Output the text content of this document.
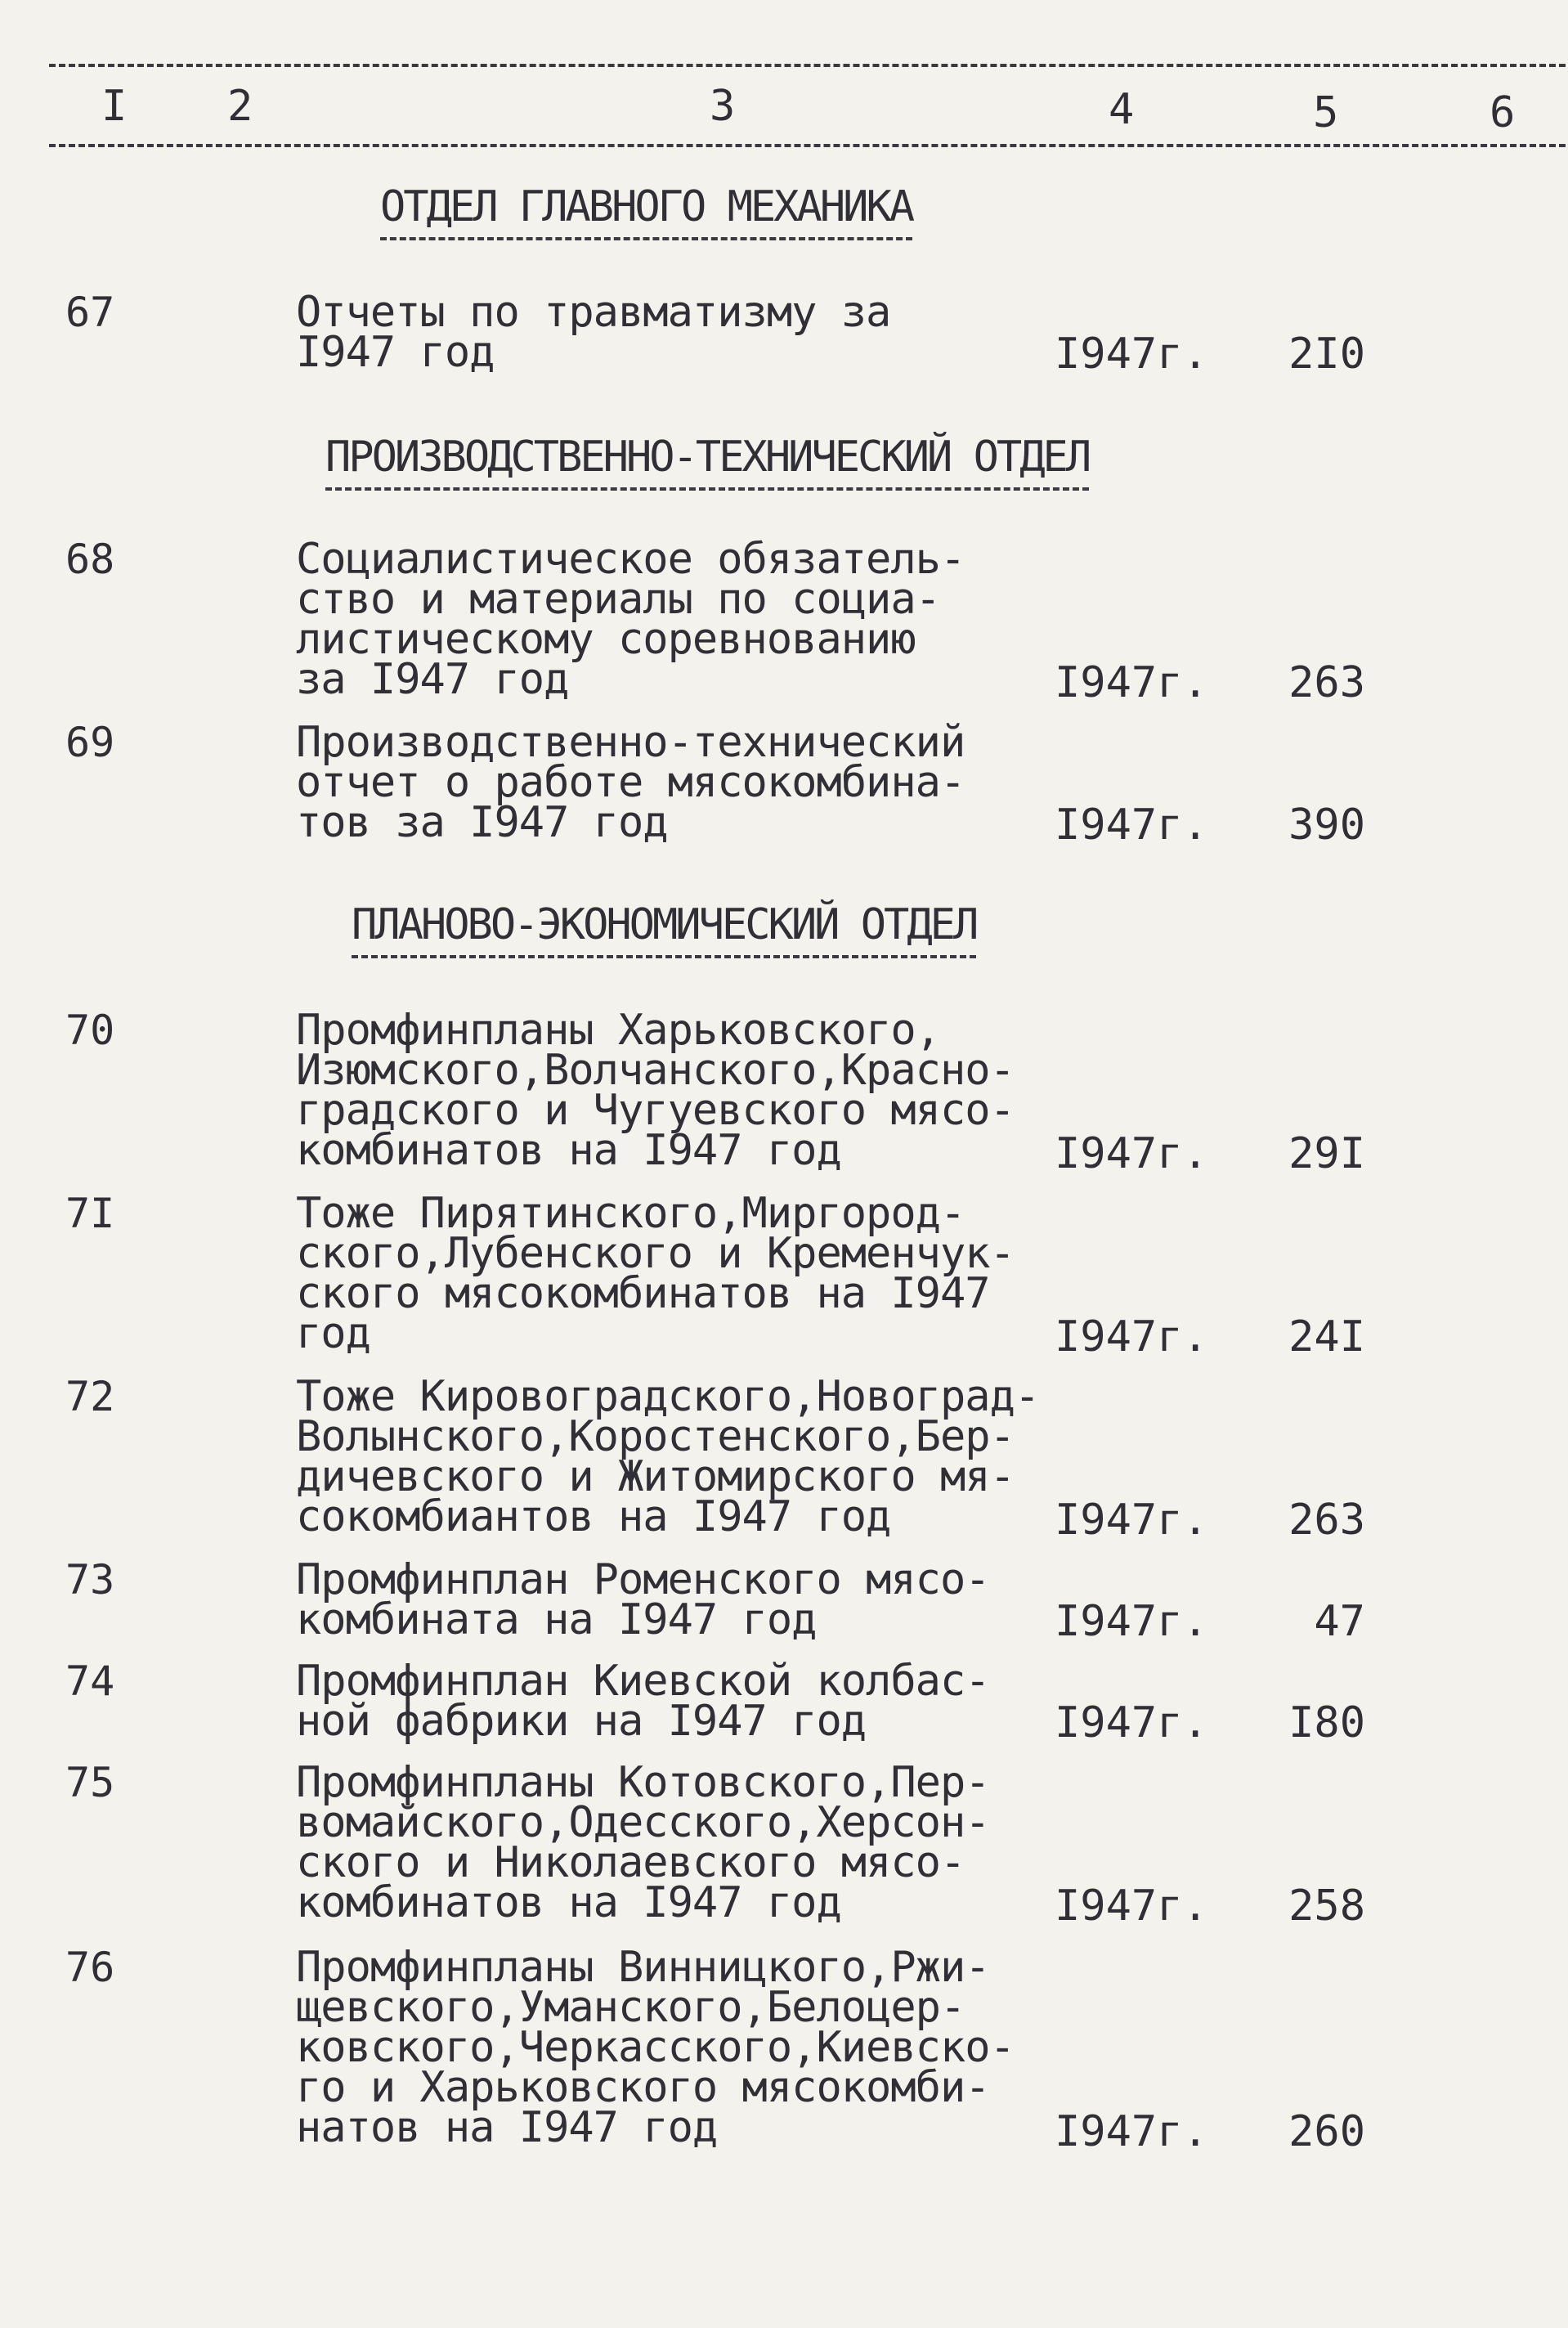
I 2	3	4	5	6
ОТДЕЛ ГЛАВНОГО МЕХАНИКА
67	Отчеты по травматизму за
I947 год	I947г.	2I0
ПРОИЗВОДСТВЕННО-ТЕХНИЧЕСКИЙ ОТДЕЛ
68	Социалистическое обязатель-
ство и материалы по социа-
листическому соревнованию
за I947 год	I947г.	263
69	Производственно-технический
отчет о работе мясокомбина-
тов за I947 год	I947г.	390
ПЛАНОВО-ЭКОНОМИЧЕСКИЙ ОТДЕЛ
70	Промфинпланы Харьковского,
Изюмского,Волчанского,Красно-
градского и Чугуевского мясо-
комбинатов на I947 год	I947г.	29I
7I	Тоже Пирятинского,Миргород-
ского,Лубенского и Кременчук-
ского мясокомбинатов на I947
год	I947г.	24I
72	Тоже Кировоградского,Новоград-
Волынского,Коростенского,Бер-
дичевского и Житомирского мя-
сокомбиантов на I947 год	I947г.	263
73	Промфинплан Роменского мясо-
комбината на I947 год	I947г.	47
74	Промфинплан Киевской колбас-
ной фабрики на I947 год	I947г.	I80
75	Промфинпланы Котовского,Пер-
вомайского,Одесского,Херсон-
ского и Николаевского мясо-
комбинатов на I947 год	I947г.	258
76	Промфинпланы Винницкого,Ржи-
щевского,Уманского,Белоцер-
ковского,Черкасского,Киевско-
го и Харьковского мясокомби-
натов на I947 год	I947г.	260
